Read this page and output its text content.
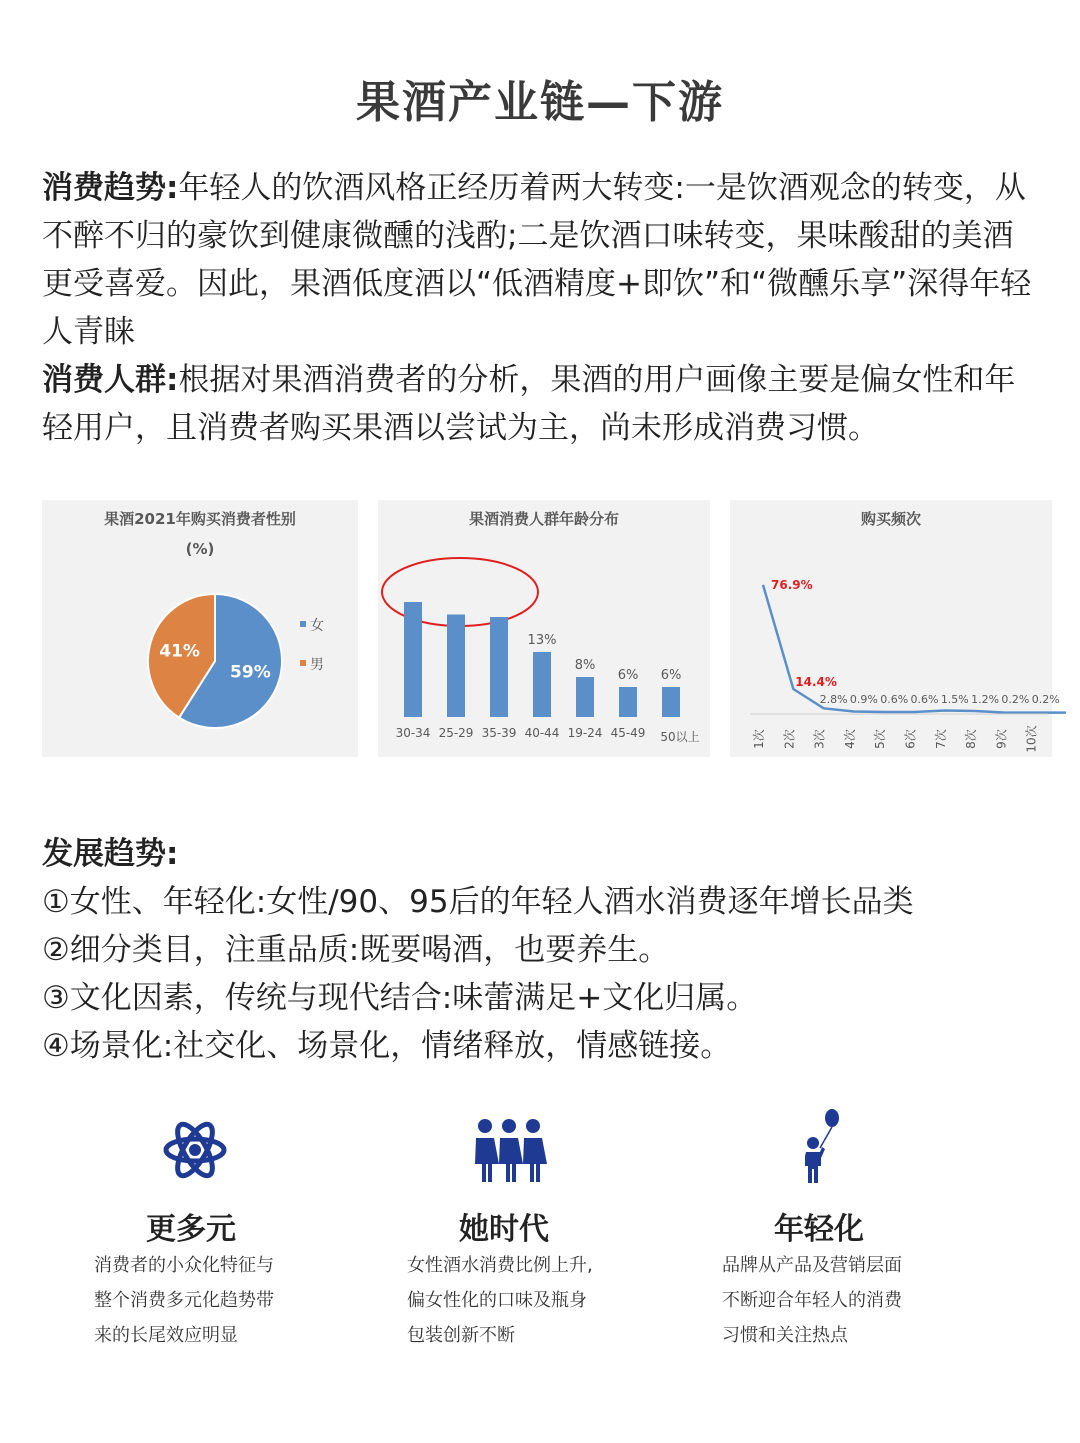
果酒产业链—下游
消费趋势:年轻人的饮酒风格正经历着两大转变:一是饮酒观念的转变，从不醉不归的豪饮到健康微醺的浅酌;二是饮酒口味转变，果味酸甜的美酒更受喜爱。因此，果酒低度酒以“低酒精度+即饮”和“微醺乐享”深得年轻人青睐
消费人群:根据对果酒消费者的分析，果酒的用户画像主要是偏女性和年轻用户，且消费者购买果酒以尝试为主，尚未形成消费习惯。
果酒2021年购买消费者性别
(%)
59%
41%
女
男
果酒消费人群年龄分布
30-34 25-29 35-39
13%
40-44
8%
19-24
6%
45-49
6%
50以上
购买频次
76.9%
1次
14.4%
2次
2.8%
3次
0.9%
4次
0.6%
5次
0.6%
6次
1.5%
7次
1.2%
8次
0.2%
9次
0.2%
10次
发展趋势:
①女性、年轻化:女性/90、95后的年轻人酒水消费逐年增长品类
②细分类目，注重品质:既要喝酒，也要养生。
③文化因素，传统与现代结合:味蕾满足+文化归属。
④场景化:社交化、场景化，情绪释放，情感链接。
更多元
消费者的小众化特征与
整个消费多元化趋势带
来的长尾效应明显
她时代
女性酒水消费比例上升,
偏女性化的口味及瓶身
包装创新不断
年轻化
品牌从产品及营销层面
不断迎合年轻人的消费
习惯和关注热点
